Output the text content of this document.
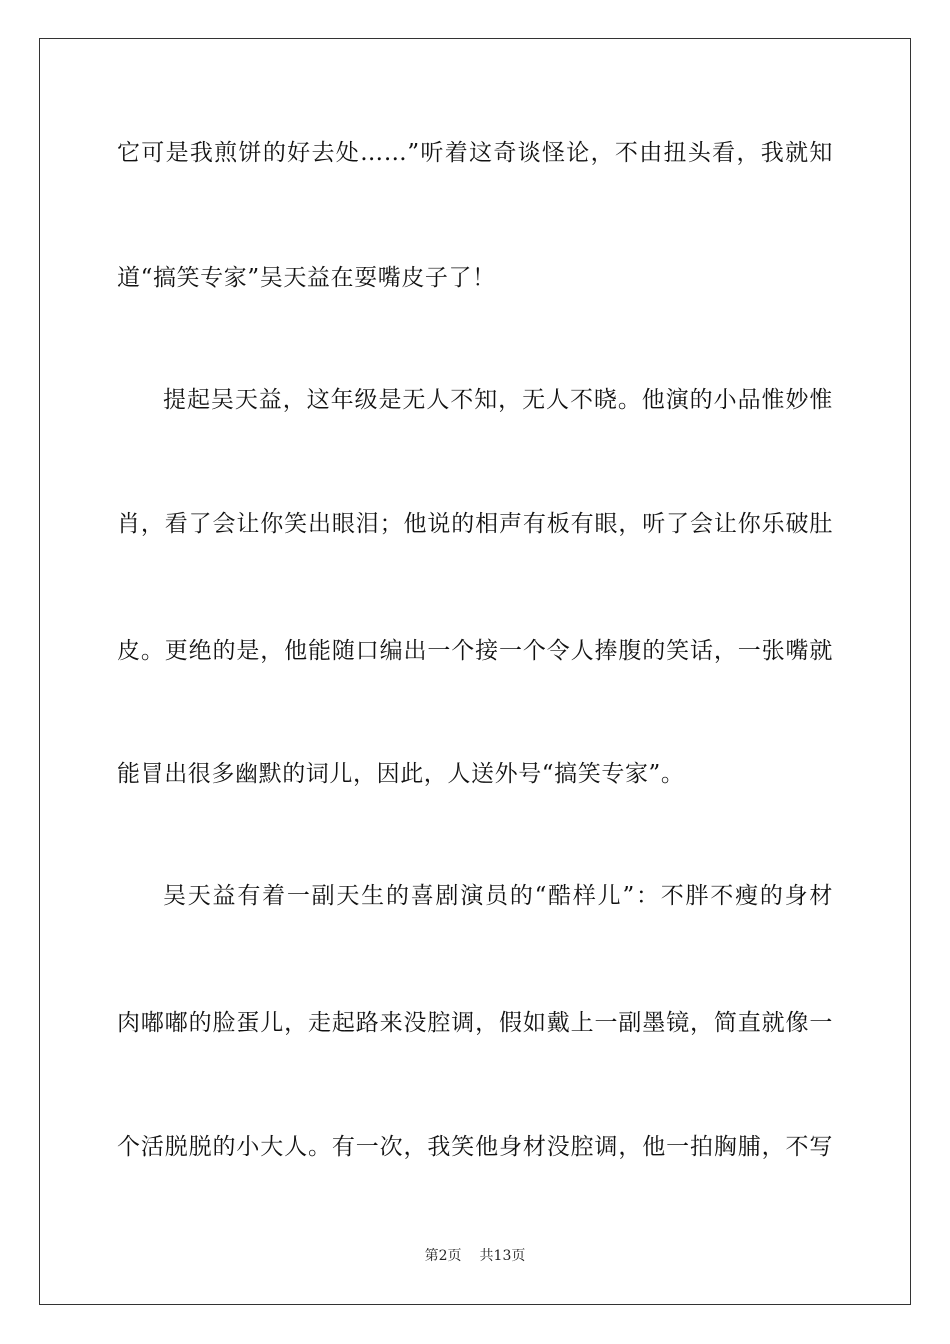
它可是我煎饼的好去处……”听着这奇谈怪论，不由扭头看，我就知
道“搞笑专家”吴天益在耍嘴皮子了！
提起吴天益，这年级是无人不知，无人不晓。他演的小品惟妙惟
肖，看了会让你笑出眼泪；他说的相声有板有眼，听了会让你乐破肚
皮。更绝的是，他能随口编出一个接一个令人捧腹的笑话，一张嘴就
能冒出很多幽默的词儿，因此，人送外号“搞笑专家”。
吴天益有着一副天生的喜剧演员的“酷样儿”：不胖不瘦的身材
肉嘟嘟的脸蛋儿，走起路来没腔调，假如戴上一副墨镜，简直就像一
个活脱脱的小大人。有一次，我笑他身材没腔调，他一拍胸脯，不写
第2页 共13页
